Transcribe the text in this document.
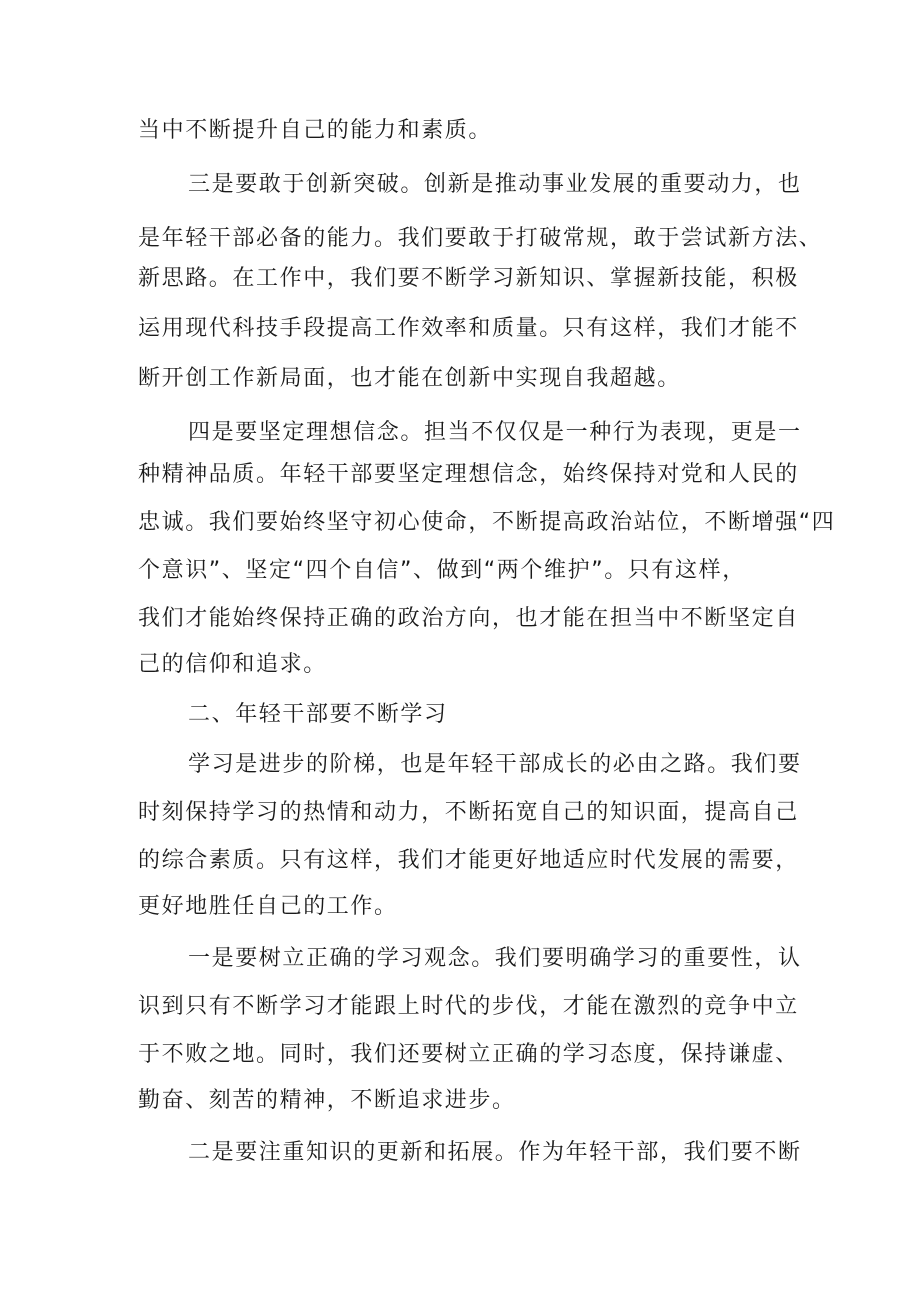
当中不断提升自己的能力和素质。
三是要敢于创新突破。创新是推动事业发展的重要动力，也
是年轻干部必备的能力。我们要敢于打破常规，敢于尝试新方法、
新思路。在工作中，我们要不断学习新知识、掌握新技能，积极
运用现代科技手段提高工作效率和质量。只有这样，我们才能不
断开创工作新局面，也才能在创新中实现自我超越。
四是要坚定理想信念。担当不仅仅是一种行为表现，更是一
种精神品质。年轻干部要坚定理想信念，始终保持对党和人民的
忠诚。我们要始终坚守初心使命，不断提高政治站位，不断增强“四
个意识”、坚定“四个自信”、做到“两个维护”。只有这样，
我们才能始终保持正确的政治方向，也才能在担当中不断坚定自
己的信仰和追求。
二、年轻干部要不断学习
学习是进步的阶梯，也是年轻干部成长的必由之路。我们要
时刻保持学习的热情和动力，不断拓宽自己的知识面，提高自己
的综合素质。只有这样，我们才能更好地适应时代发展的需要，
更好地胜任自己的工作。
一是要树立正确的学习观念。我们要明确学习的重要性，认
识到只有不断学习才能跟上时代的步伐，才能在激烈的竞争中立
于不败之地。同时，我们还要树立正确的学习态度，保持谦虚、
勤奋、刻苦的精神，不断追求进步。
二是要注重知识的更新和拓展。作为年轻干部，我们要不断
